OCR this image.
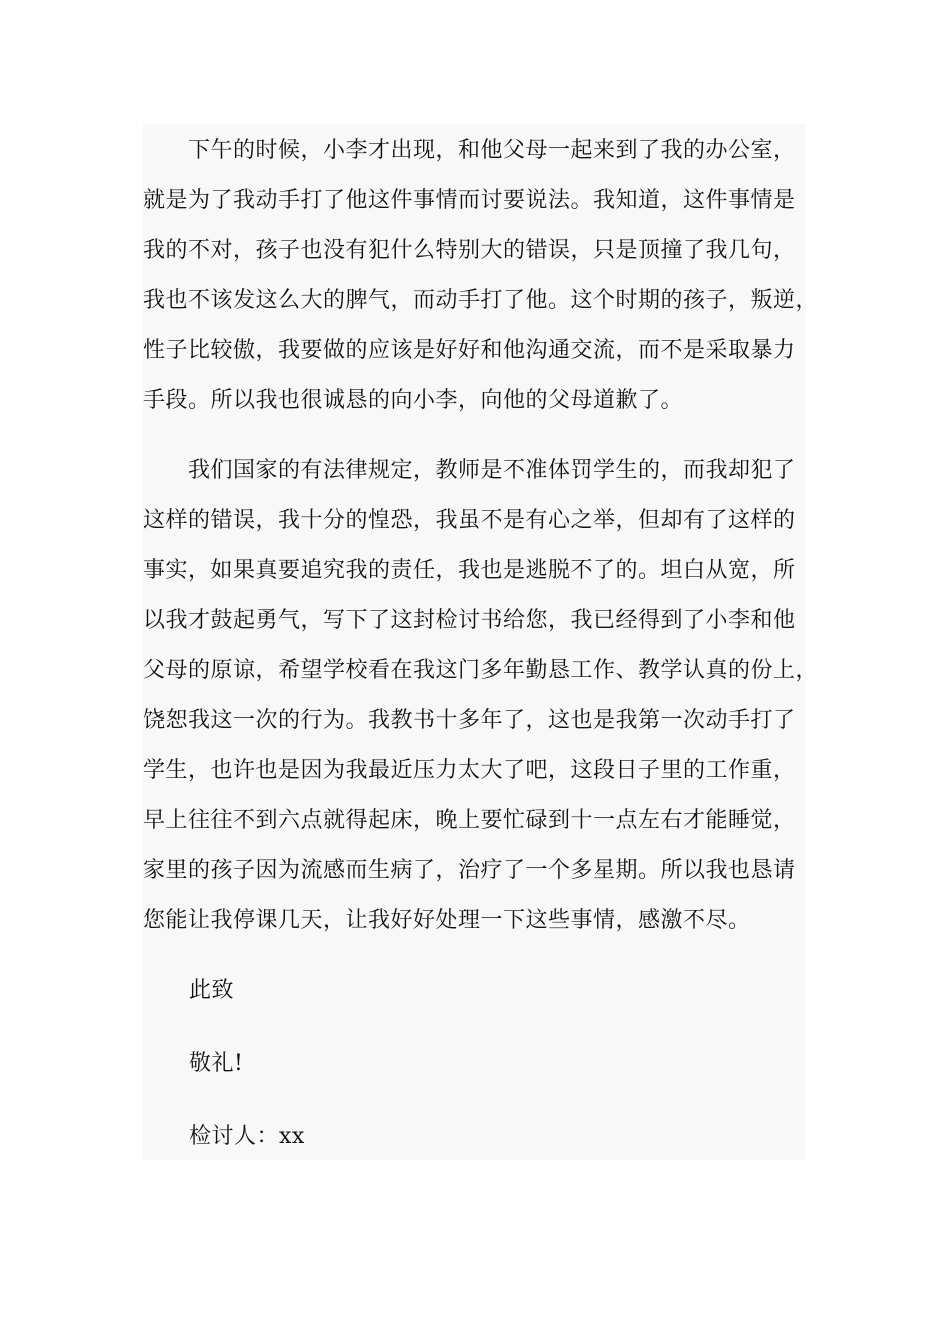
下午的时候，小李才出现，和他父母一起来到了我的办公室，
就是为了我动手打了他这件事情而讨要说法。我知道，这件事情是
我的不对，孩子也没有犯什么特别大的错误，只是顶撞了我几句，
我也不该发这么大的脾气，而动手打了他。这个时期的孩子，叛逆，
性子比较傲，我要做的应该是好好和他沟通交流，而不是采取暴力
手段。所以我也很诚恳的向小李，向他的父母道歉了。
我们国家的有法律规定，教师是不准体罚学生的，而我却犯了
这样的错误，我十分的惶恐，我虽不是有心之举，但却有了这样的
事实，如果真要追究我的责任，我也是逃脱不了的。坦白从宽，所
以我才鼓起勇气，写下了这封检讨书给您，我已经得到了小李和他
父母的原谅，希望学校看在我这门多年勤恳工作、教学认真的份上，
饶恕我这一次的行为。我教书十多年了，这也是我第一次动手打了
学生，也许也是因为我最近压力太大了吧，这段日子里的工作重，
早上往往不到六点就得起床，晚上要忙碌到十一点左右才能睡觉，
家里的孩子因为流感而生病了，治疗了一个多星期。所以我也恳请
您能让我停课几天，让我好好处理一下这些事情，感激不尽。
此致
敬礼!
检讨人：xx
